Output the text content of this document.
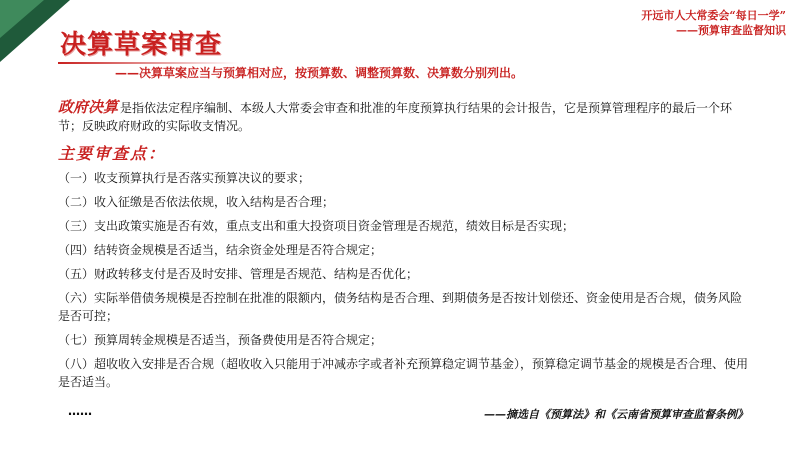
开远市人大常委会“每日一学”
——预算审查监督知识
决算草案审查
——决算草案应当与预算相对应，按预算数、调整预算数、决算数分别列出。

政府决算 是指依法定程序编制、本级人大常委会审查和批准的年度预算执行结果的会计报告，它是预算管理程序的最后一个环节；反映政府财政的实际收支情况。

主要审查点：
（一）收支预算执行是否落实预算决议的要求；
（二）收入征缴是否依法依规，收入结构是否合理；
（三）支出政策实施是否有效，重点支出和重大投资项目资金管理是否规范，绩效目标是否实现；
（四）结转资金规模是否适当，结余资金处理是否符合规定；
（五）财政转移支付是否及时安排、管理是否规范、结构是否优化；
（六）实际举借债务规模是否控制在批准的限额内，债务结构是否合理、到期债务是否按计划偿还、资金使用是否合规，债务风险是否可控；
（七）预算周转金规模是否适当，预备费使用是否符合规定；
（八）超收收入安排是否合规（超收收入只能用于冲减赤字或者补充预算稳定调节基金），预算稳定调节基金的规模是否合理、使用是否适当。
……	——摘选自《预算法》和《云南省预算审查监督条例》
